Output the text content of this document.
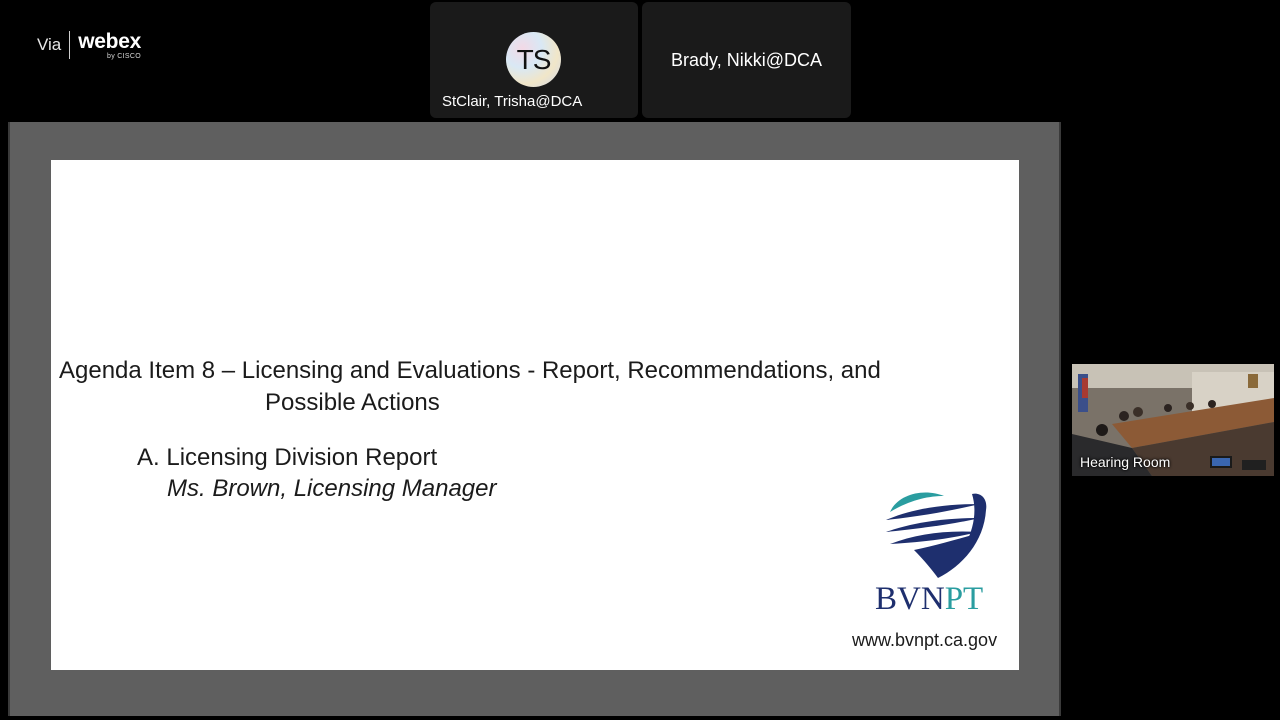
Via webex
by CISCO	TS
StClair, Trisha@DCA
Brady, Nikki@DCA
Agenda Item 8 – Licensing and Evaluations - Report, Recommendations, and
Possible Actions
A. Licensing Division Report
Ms. Brown, Licensing Manager
BVNPT
www.bvnpt.ca.gov
Hearing Room
